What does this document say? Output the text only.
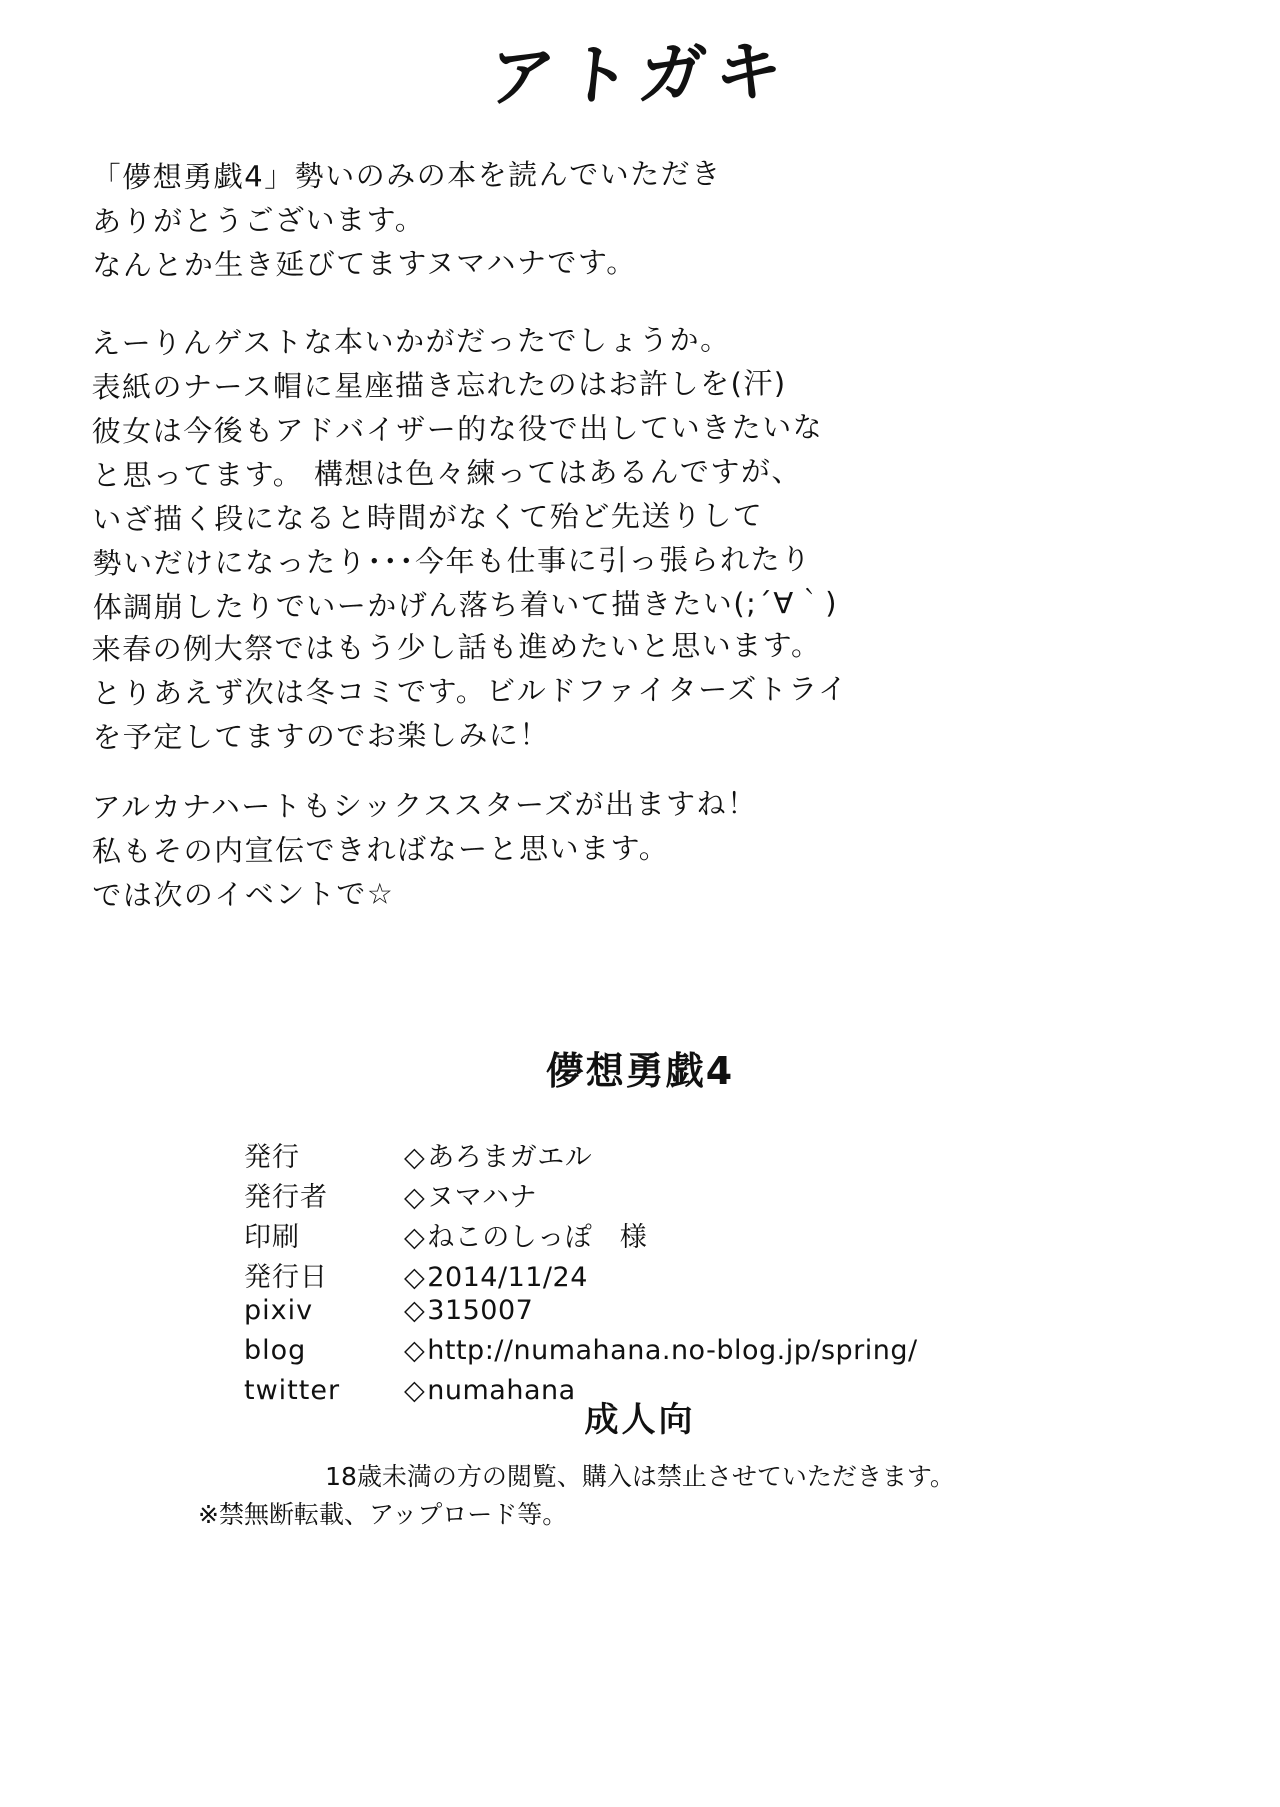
アトガキ
「儚想勇戯4」勢いのみの本を読んでいただき
ありがとうございます。
なんとか生き延びてますヌマハナです。
えーりんゲストな本いかがだったでしょうか。
表紙のナース帽に星座描き忘れたのはお許しを(汗)
彼女は今後もアドバイザー的な役で出していきたいな
と思ってます。 構想は色々練ってはあるんですが、
いざ描く段になると時間がなくて殆ど先送りして
勢いだけになったり･･･今年も仕事に引っ張られたり
体調崩したりでいーかげん落ち着いて描きたい(;´∀｀)
来春の例大祭ではもう少し話も進めたいと思います。
とりあえず次は冬コミです。ビルドファイターズトライ
を予定してますのでお楽しみに！
アルカナハートもシックススターズが出ますね！
私もその内宣伝できればなーと思います。
では次のイベントで☆
儚想勇戯4
発行	◇あろまガエル
発行者	◇ヌマハナ
印刷	◇ねこのしっぽ　様
発行日	◇2014/11/24
pixiv	◇315007
blog	◇http://numahana.no-blog.jp/spring/
twitter	◇numahana
成人向
18歳未満の方の閲覧、購入は禁止させていただきます。
※禁無断転載、アップロード等。
